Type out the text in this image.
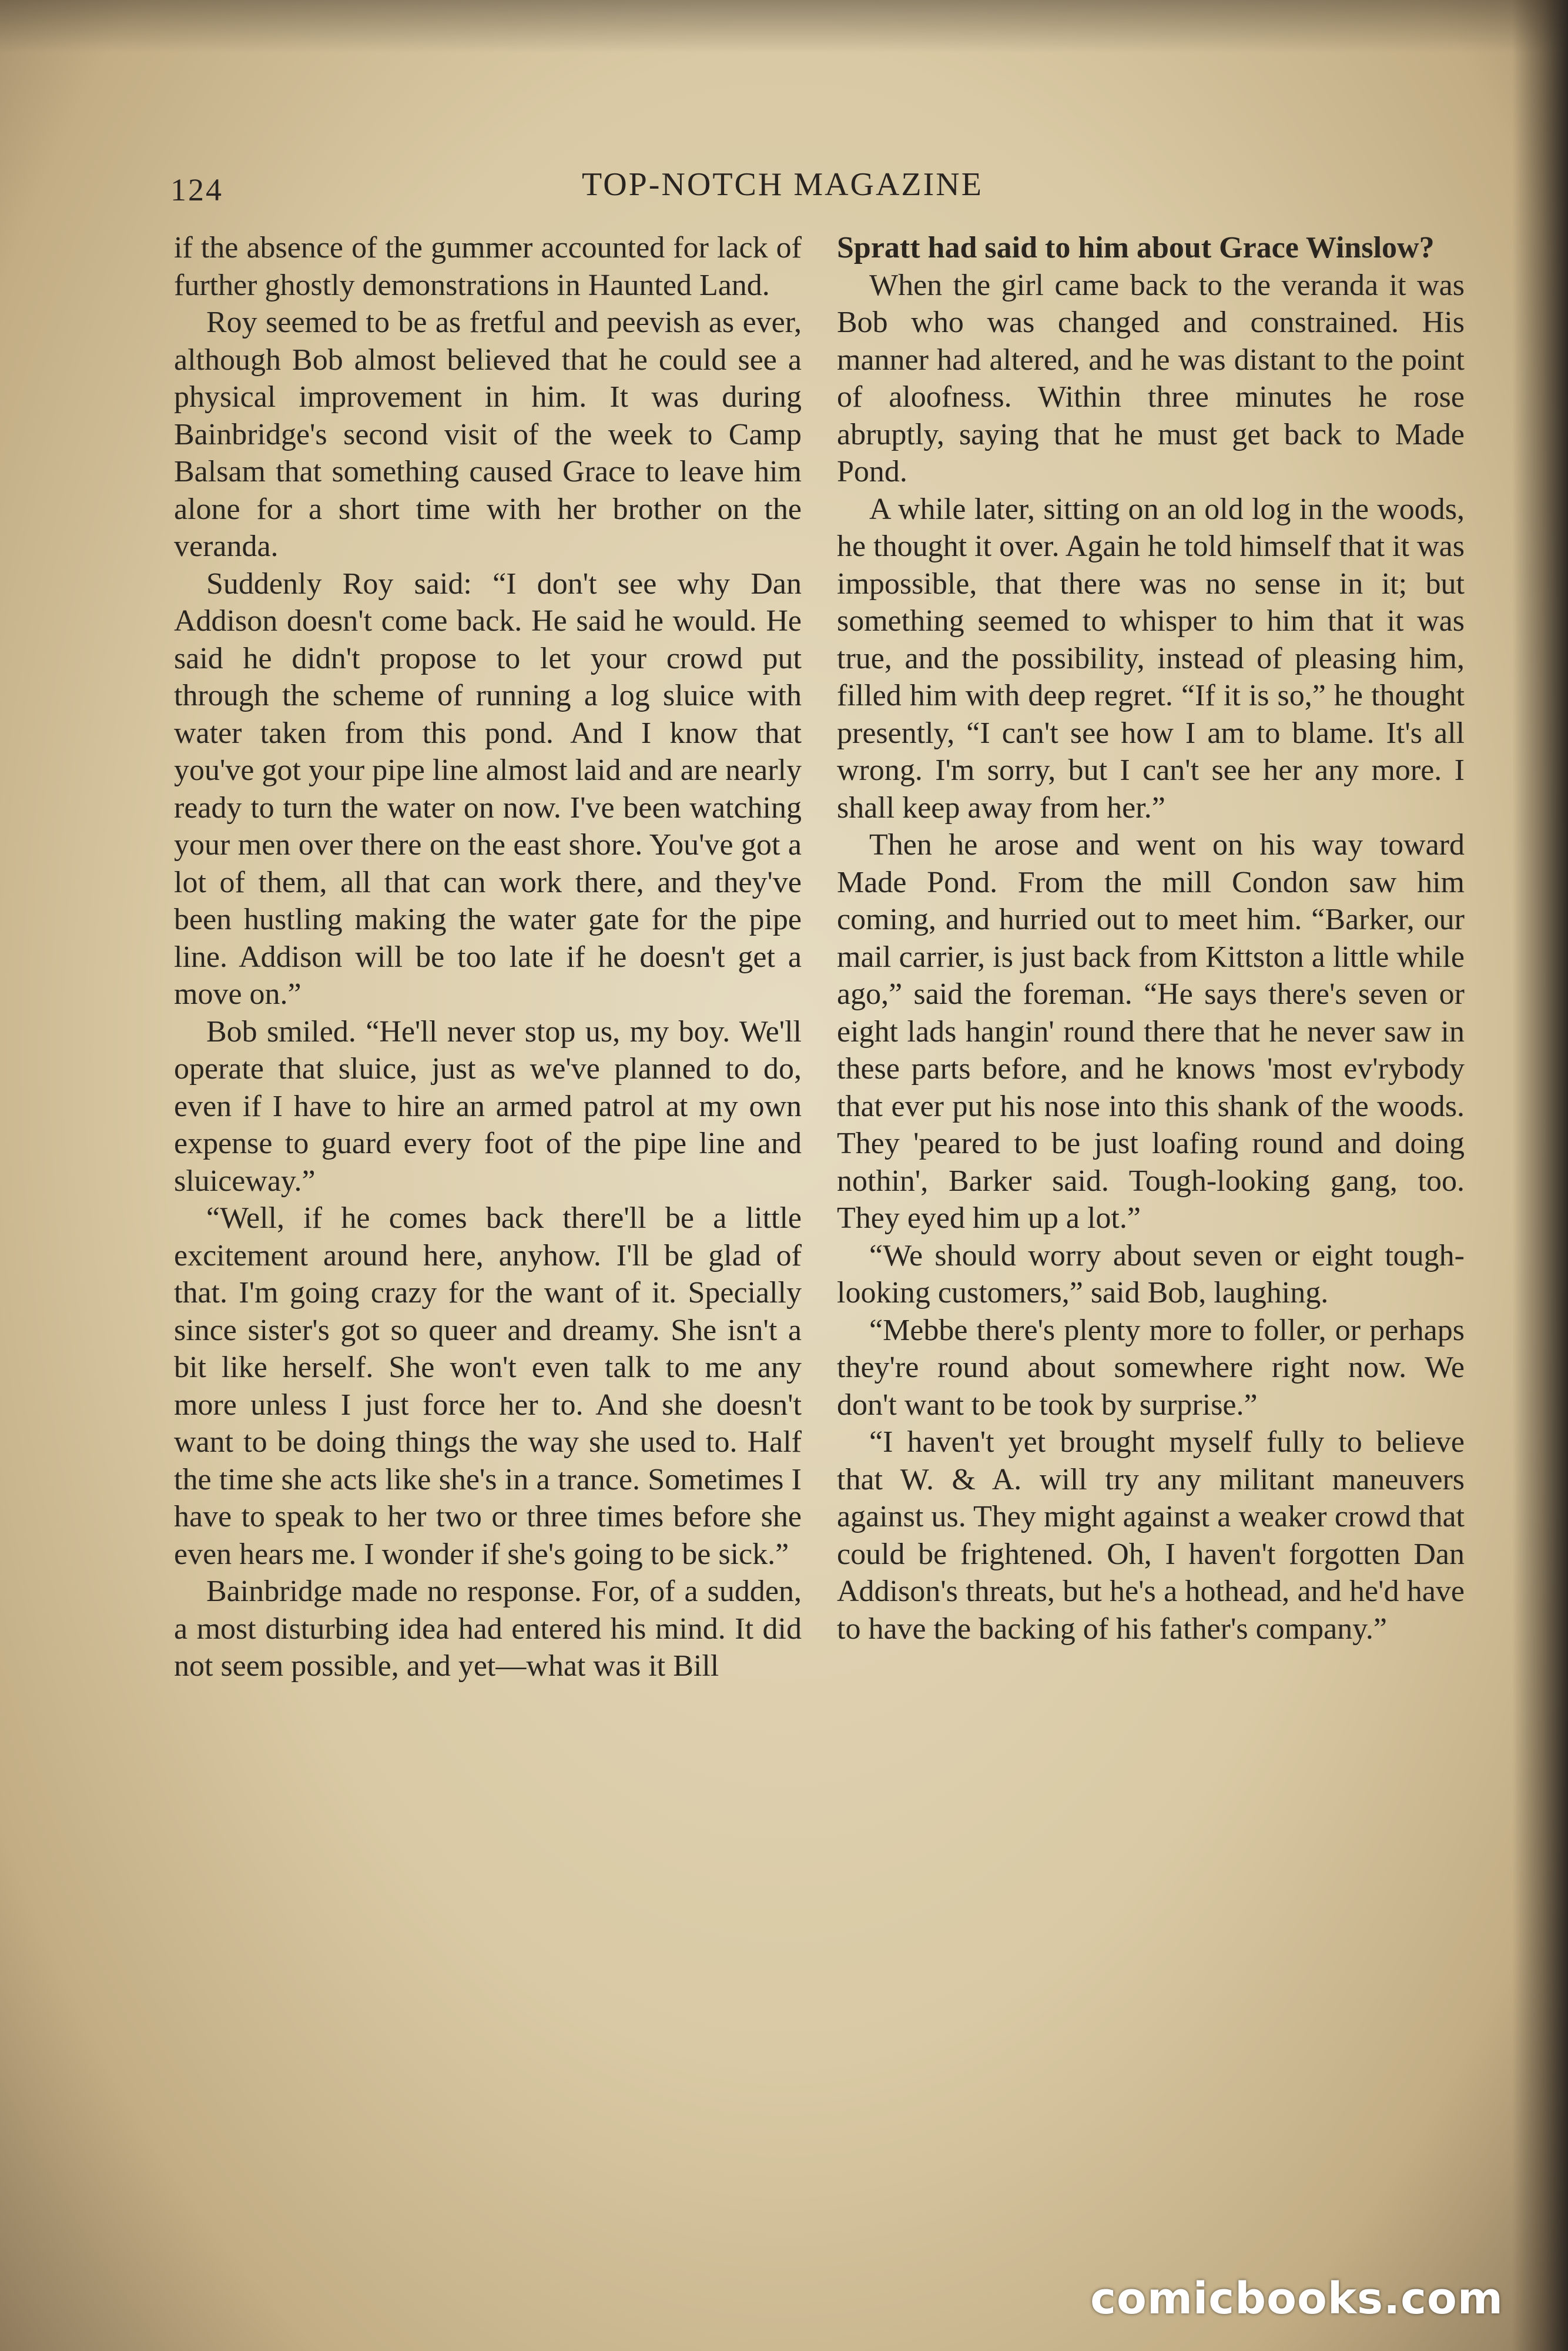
124	TOP-NOTCH MAGAZINE

if the absence of the gummer accounted for lack of further ghostly demonstrations in Haunted Land.

Roy seemed to be as fretful and peevish as ever, although Bob almost believed that he could see a physical improvement in him. It was during Bainbridge's second visit of the week to Camp Balsam that something caused Grace to leave him alone for a short time with her brother on the veranda.

Suddenly Roy said: “I don't see why Dan Addison doesn't come back. He said he would. He said he didn't propose to let your crowd put through the scheme of running a log sluice with water taken from this pond. And I know that you've got your pipe line almost laid and are nearly ready to turn the water on now. I've been watching your men over there on the east shore. You've got a lot of them, all that can work there, and they've been hustling making the water gate for the pipe line. Addison will be too late if he doesn't get a move on.”

Bob smiled. “He'll never stop us, my boy. We'll operate that sluice, just as we've planned to do, even if I have to hire an armed patrol at my own expense to guard every foot of the pipe line and sluiceway.”

“Well, if he comes back there'll be a little excitement around here, anyhow. I'll be glad of that. I'm going crazy for the want of it. Specially since sister's got so queer and dreamy. She isn't a bit like herself. She won't even talk to me any more unless I just force her to. And she doesn't want to be doing things the way she used to. Half the time she acts like she's in a trance. Sometimes I have to speak to her two or three times before she even hears me. I wonder if she's going to be sick.”

Bainbridge made no response. For, of a sudden, a most disturbing idea had entered his mind. It did not seem possible, and yet—what was it Bill

Spratt had said to him about Grace Winslow?

When the girl came back to the veranda it was Bob who was changed and constrained. His manner had altered, and he was distant to the point of aloofness. Within three minutes he rose abruptly, saying that he must get back to Made Pond.

A while later, sitting on an old log in the woods, he thought it over. Again he told himself that it was impossible, that there was no sense in it; but something seemed to whisper to him that it was true, and the possibility, instead of pleasing him, filled him with deep regret. “If it is so,” he thought presently, “I can't see how I am to blame. It's all wrong. I'm sorry, but I can't see her any more. I shall keep away from her.”

Then he arose and went on his way toward Made Pond. From the mill Condon saw him coming, and hurried out to meet him. “Barker, our mail carrier, is just back from Kittston a little while ago,” said the foreman. “He says there's seven or eight lads hangin' round there that he never saw in these parts before, and he knows 'most ev'rybody that ever put his nose into this shank of the woods. They 'peared to be just loafing round and doing nothin', Barker said. Tough-looking gang, too. They eyed him up a lot.”

“We should worry about seven or eight tough-looking customers,” said Bob, laughing.

“Mebbe there's plenty more to foller, or perhaps they're round about somewhere right now. We don't want to be took by surprise.”

“I haven't yet brought myself fully to believe that W. & A. will try any militant maneuvers against us. They might against a weaker crowd that could be frightened. Oh, I haven't forgotten Dan Addison's threats, but he's a hothead, and he'd have to have the backing of his father's company.”

comicbooks.com
